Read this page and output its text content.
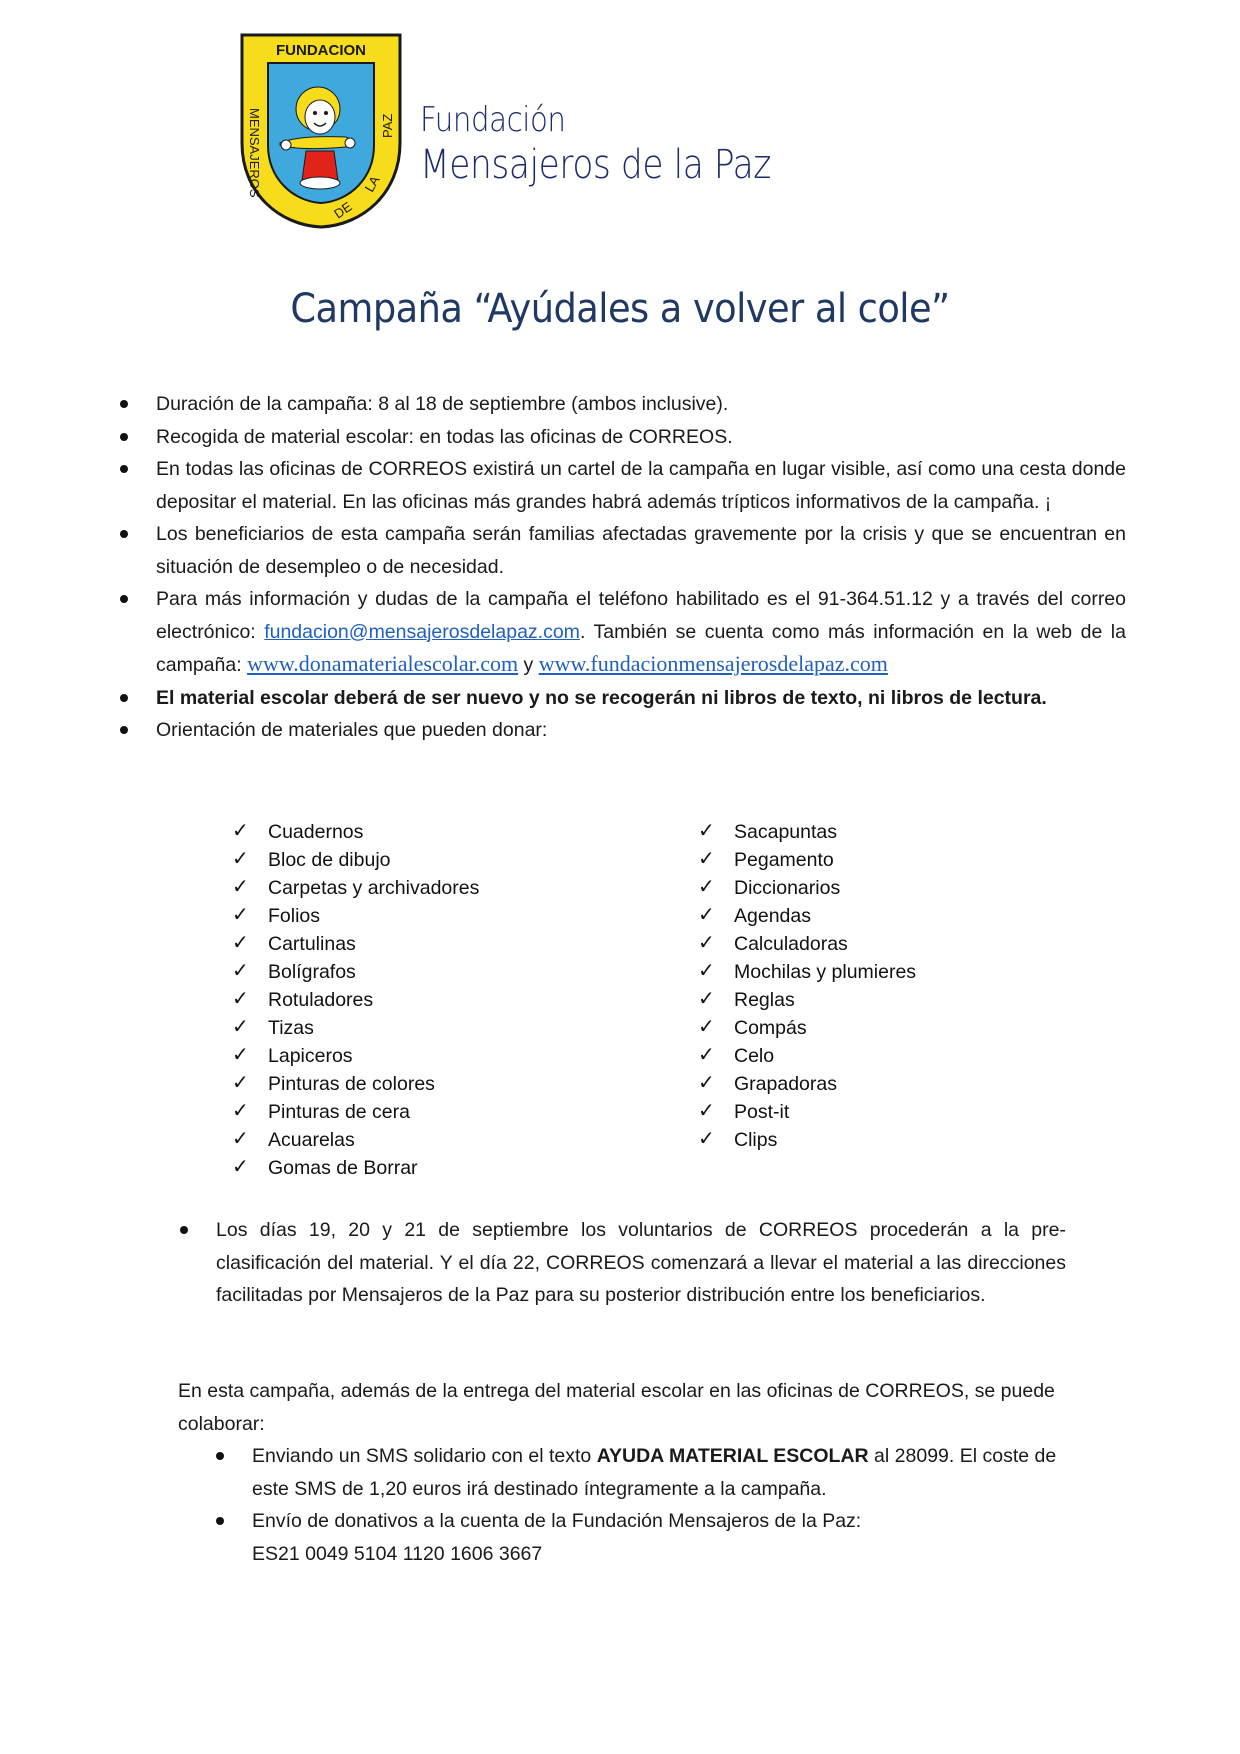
FUNDACION
MENSAJEROS	PAZ
DE
LA
Fundación
Mensajeros de la Paz
Campaña “Ayúdales a volver al cole”
Duración de la campaña: 8 al 18 de septiembre (ambos inclusive).
Recogida de material escolar: en todas las oficinas de CORREOS.
En todas las oficinas de CORREOS existirá un cartel de la campaña en lugar visible, así como una cesta donde depositar el material. En las oficinas más grandes habrá además trípticos informativos de la campaña. ¡
Los beneficiarios de esta campaña serán familias afectadas gravemente por la crisis y que se encuentran en situación de desempleo o de necesidad.
Para más información y dudas de la campaña el teléfono habilitado es el 91-364.51.12 y a través del correo electrónico: fundacion@mensajerosdelapaz.com. También se cuenta como más información en la web de la campaña: www.donamaterialescolar.com y www.fundacionmensajerosdelapaz.com
El material escolar deberá de ser nuevo y no se recogerán ni libros de texto, ni libros de lectura.
Orientación de materiales que pueden donar:
✓ Cuadernos
✓ Bloc de dibujo
✓ Carpetas y archivadores
✓ Folios
✓ Cartulinas
✓ Bolígrafos
✓ Rotuladores
✓ Tizas
✓ Lapiceros
✓ Pinturas de colores
✓ Pinturas de cera
✓ Acuarelas
✓ Gomas de Borrar
✓ Sacapuntas
✓ Pegamento
✓ Diccionarios
✓ Agendas
✓ Calculadoras
✓ Mochilas y plumieres
✓ Reglas
✓ Compás
✓ Celo
✓ Grapadoras
✓ Post-it
✓ Clips
Los días 19, 20 y 21 de septiembre los voluntarios de CORREOS procederán a la pre-clasificación del material. Y el día 22, CORREOS comenzará a llevar el material a las direcciones facilitadas por Mensajeros de la Paz para su posterior distribución entre los beneficiarios.

En esta campaña, además de la entrega del material escolar en las oficinas de CORREOS, se puede colaborar:

Enviando un SMS solidario con el texto AYUDA MATERIAL ESCOLAR al 28099. El coste de este SMS de 1,20 euros irá destinado íntegramente a la campaña.
Envío de donativos a la cuenta de la Fundación Mensajeros de la Paz:
ES21 0049 5104 1120 1606 3667
